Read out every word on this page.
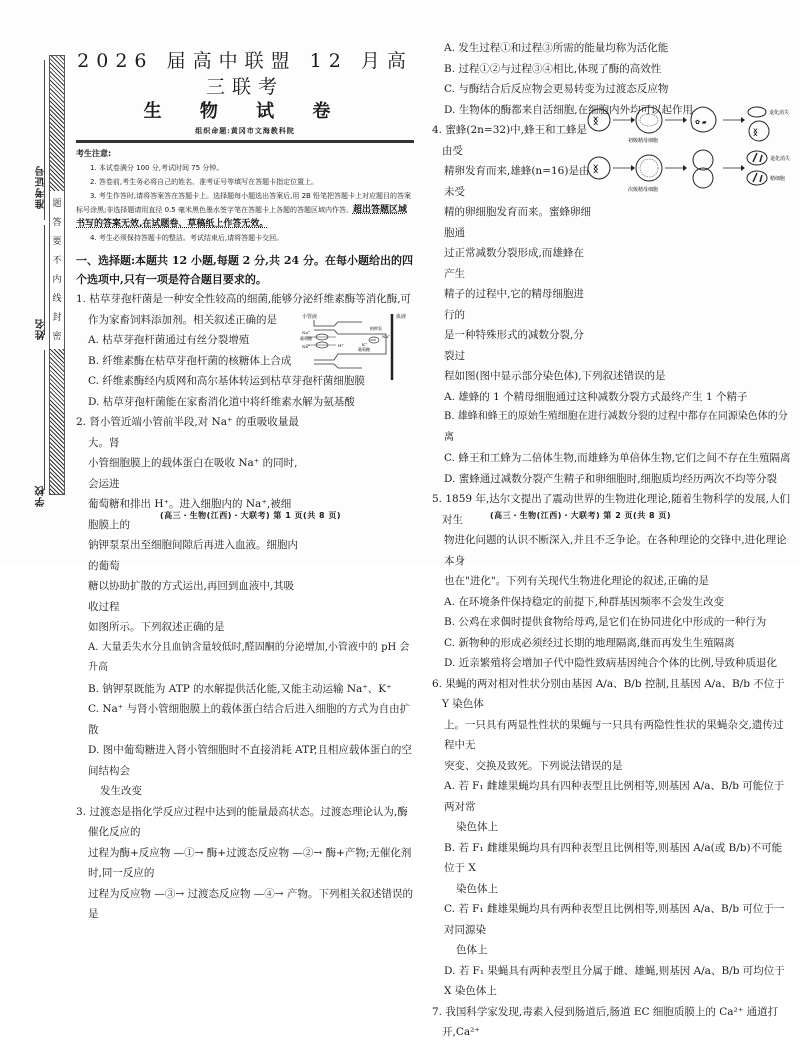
准考证号
姓名
学校
题
答
要
不
内
线
封
密
2026 届高中联盟 12 月高三联考
生 物 试 卷
组织命题:黄冈市文海教科院
考生注意:

1. 本试卷满分 100 分,考试时间 75 分钟。

2. 答卷前,考生务必将自己的姓名、准考证号等填写在答题卡指定位置上。

3. 考生作答时,请将答案答在答题卡上。选择题每小题选出答案后,用 2B 铅笔把答题卡上对应题目的答案标号涂黑;非选择题请用直径 0.5 毫米黑色墨水签字笔在答题卡上各题的答题区域内作答。超出答题区域书写的答案无效,在试题卷、草稿纸上作答无效。

4. 考生必须保持答题卡的整洁。考试结束后,请将答题卡交回。

一、选择题:本题共 12 小题,每题 2 分,共 24 分。在每小题给出的四个选项中,只有一项是符合题目要求的。
1. 枯草芽孢杆菌是一种安全性较高的细菌,能够分泌纤维素酶等消化酶,可作为家畜饲料添加剂。相关叙述正确的是
A. 枯草芽孢杆菌通过有丝分裂增殖
B. 纤维素酶在枯草芽孢杆菌的核糖体上合成
C. 纤维素酶经内质网和高尔基体转运到枯草芽孢杆菌细胞膜
D. 枯草芽孢杆菌能在家畜消化道中将纤维素水解为氨基酸
2. 肾小管近端小管前半段,对 Na⁺ 的重吸收量最大。肾
小管细胞膜上的载体蛋白在吸收 Na⁺ 的同时,会运进
葡萄糖和排出 H⁺。进入细胞内的 Na⁺,被细胞膜上的
钠钾泵泵出至细胞间隙后再进入血液。细胞内的葡萄
糖以协助扩散的方式运出,再回到血液中,其吸收过程
如图所示。下列叙述正确的是
A. 大量丢失水分且血钠含量较低时,醛固酮的分泌增加,小管液中的 pH 会升高
B. 钠钾泵既能为 ATP 的水解提供活化能,又能主动运输 Na⁺、K⁺
C. Na⁺ 与肾小管细胞膜上的载体蛋白结合后进入细胞的方式为自由扩散
D. 图中葡萄糖进入肾小管细胞时不直接消耗 ATP,且相应载体蛋白的空间结构会
发生改变
3. 过渡态是指化学反应过程中达到的能量最高状态。过渡态理论认为,酶催化反应的
过程为酶+反应物 —①→ 酶+过渡态反应物 —②→ 酶+产物;无催化剂时,同一反应的
过程为反应物 —③→ 过渡态反应物 —④→ 产物。下列相关叙述错误的是
小管液	血液
Na⁺
葡萄糖
Na⁺	H⁺
ATP
钠钾泵
Na⁺
K⁺
葡萄糖
A. 发生过程①和过程③所需的能量均称为活化能
B. 过程①②与过程③④相比,体现了酶的高效性
C. 与酶结合后反应物会更易转变为过渡态反应物
D. 生物体的酶都来自活细胞,在细胞内外均可以起作用
4. 蜜蜂(2n=32)中,蜂王和工蜂是由受
精卵发育而来,雄蜂(n=16)是由未受
精的卵细胞发育而来。蜜蜂卵细胞通
过正常减数分裂形成,而雄蜂在产生
精子的过程中,它的精母细胞进行的
是一种特殊形式的减数分裂,分裂过
程如图(图中显示部分染色体),下列叙述错误的是
A. 雄蜂的 1 个精母细胞通过这种减数分裂方式最终产生 1 个精子
B. 雄蜂和蜂王的原始生殖细胞在进行减数分裂的过程中都存在同源染色体的分离
C. 蜂王和工蜂为二倍体生物,而雄蜂为单倍体生物,它们之间不存在生殖隔离
D. 蜜蜂通过减数分裂产生精子和卵细胞时,细胞质均经历两次不均等分裂
5. 1859 年,达尔文提出了震动世界的生物进化理论,随着生物科学的发展,人们对生
物进化问题的认识不断深入,并且不乏争论。在各种理论的交锋中,进化理论本身
也在"进化"。下列有关现代生物进化理论的叙述,正确的是
A. 在环境条件保持稳定的前提下,种群基因频率不会发生改变
B. 公鸡在求偶时提供食物给母鸡,是它们在协同进化中形成的一种行为
C. 新物种的形成必须经过长期的地理隔离,继而再发生生殖隔离
D. 近亲繁殖将会增加子代中隐性致病基因纯合个体的比例,导致种质退化
6. 果蝇的两对相对性状分别由基因 A/a、B/b 控制,且基因 A/a、B/b 不位于 Y 染色体
上。一只具有两显性性状的果蝇与一只具有两隐性性状的果蝇杂交,遗传过程中无
突变、交换及致死。下列说法错误的是
A. 若 F₁ 雌雄果蝇均具有四种表型且比例相等,则基因 A/a、B/b 可能位于两对常
染色体上
B. 若 F₁ 雌雄果蝇均具有四种表型且比例相等,则基因 A/a(或 B/b)不可能位于 X
染色体上
C. 若 F₁ 雌雄果蝇均具有两种表型且比例相等,则基因 A/a、B/b 可位于一对同源染
色体上
D. 若 F₁ 果蝇具有两种表型且分属于雌、雄蝇,则基因 A/a、B/b 可均位于 X 染色体上
7. 我国科学家发现,毒素入侵到肠道后,肠道 EC 细胞质膜上的 Ca²⁺ 通道打开,Ca²⁺
ᛝ
初级精母细胞
✿ ▰
退化消失
ᛝ
ᛝ
次级精母细胞
退化消失
精细胞
(高三・生物(江西)・大联考) 第 1 页(共 8 页)	(高三・生物(江西)・大联考) 第 2 页(共 8 页)
